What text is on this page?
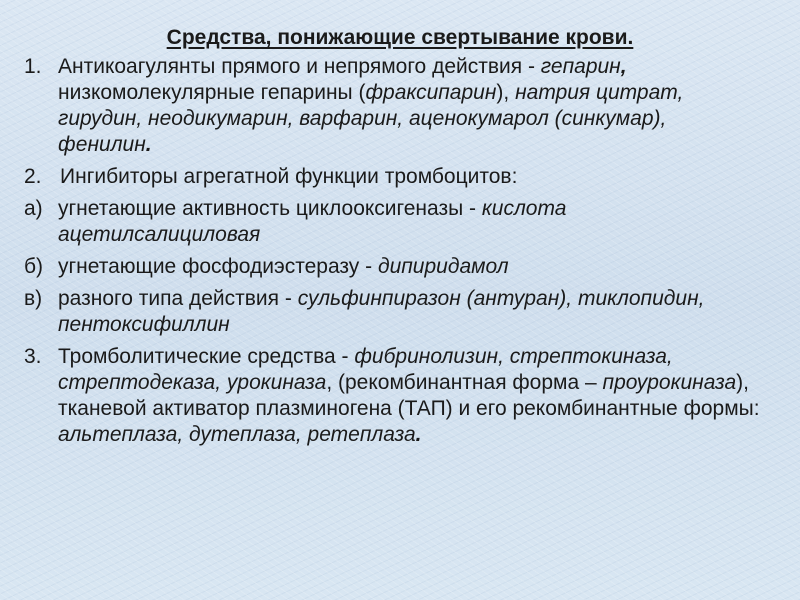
Средства, понижающие свертывание крови.
1. Антикоагулянты прямого и непрямого действия - гепарин, низкомолекулярные гепарины (фраксипарин), натрия цитрат, гирудин, неодикумарин, варфарин, аценокумарол (синкумар), фенилин.
2. Ингибиторы агрегатной функции тромбоцитов:
а) угнетающие активность циклооксигеназы - кислота ацетилсалициловая
б) угнетающие фосфодиэстеразу - дипиридамол
в) разного типа действия - сульфинпиразон (антуран), тиклопидин, пентоксифиллин
3. Тромболитические средства - фибринолизин, стрептокиназа, стрептодеказа, урокиназа, (рекомбинантная форма – проурокиназа), тканевой активатор плазминогена (ТАП) и его рекомбинантные формы: альтеплаза, дутеплаза, ретеплаза.
